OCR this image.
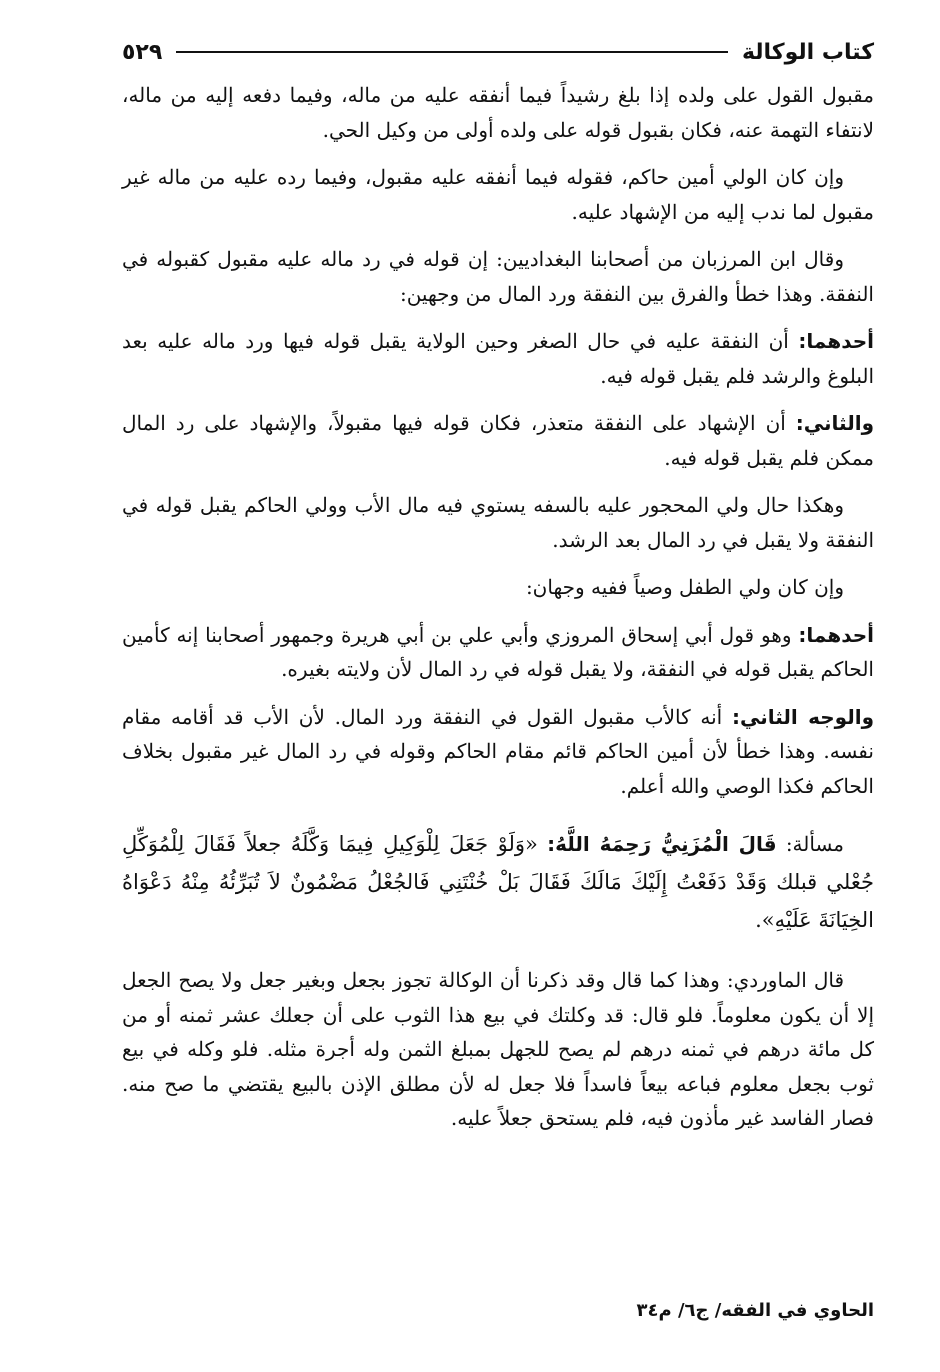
كتاب الوكالة
٥٢٩

مقبول القول على ولده إذا بلغ رشيداً فيما أنفقه عليه من ماله، وفيما دفعه إليه من ماله، لانتفاء التهمة عنه، فكان بقبول قوله على ولده أولى من وكيل الحي.

وإن كان الولي أمين حاكم، فقوله فيما أنفقه عليه مقبول، وفيما رده عليه من ماله غير مقبول لما ندب إليه من الإشهاد عليه.

وقال ابن المرزبان من أصحابنا البغداديين: إن قوله في رد ماله عليه مقبول كقبوله في النفقة. وهذا خطأ والفرق بين النفقة ورد المال من وجهين:

أحدهما: أن النفقة عليه في حال الصغر وحين الولاية يقبل قوله فيها ورد ماله عليه بعد البلوغ والرشد فلم يقبل قوله فيه.

والثاني: أن الإشهاد على النفقة متعذر، فكان قوله فيها مقبولاً، والإشهاد على رد المال ممكن فلم يقبل قوله فيه.

وهكذا حال ولي المحجور عليه بالسفه يستوي فيه مال الأب وولي الحاكم يقبل قوله في النفقة ولا يقبل في رد المال بعد الرشد.

وإن كان ولي الطفل وصياً ففيه وجهان:

أحدهما: وهو قول أبي إسحاق المروزي وأبي علي بن أبي هريرة وجمهور أصحابنا إنه كأمين الحاكم يقبل قوله في النفقة، ولا يقبل قوله في رد المال لأن ولايته بغيره.

والوجه الثاني: أنه كالأب مقبول القول في النفقة ورد المال. لأن الأب قد أقامه مقام نفسه. وهذا خطأ لأن أمين الحاكم قائم مقام الحاكم وقوله في رد المال غير مقبول بخلاف الحاكم فكذا الوصي والله أعلم.

مسألة: قَالَ الْمُزَنِيُّ رَحِمَهُ اللَّهُ: «وَلَوْ جَعَلَ لِلْوَكِيلِ فِيمَا وَكَّلَهُ جعلاً فَقَالَ لِلْمُوَكِّلِ جُعْلي قبلك وَقَدْ دَفَعْتُ إِلَيْكَ مَالَكَ فَقَالَ بَلْ خُنْتَنِي فَالجُعْلُ مَضْمُونٌ لاَ تُبَرِّئُهُ مِنْهُ دَعْوَاهُ الخِيَانَةَ عَلَيْهِ».

قال الماوردي: وهذا كما قال وقد ذكرنا أن الوكالة تجوز بجعل وبغير جعل ولا يصح الجعل إلا أن يكون معلوماً. فلو قال: قد وكلتك في بيع هذا الثوب على أن جعلك عشر ثمنه أو من كل مائة درهم في ثمنه درهم لم يصح للجهل بمبلغ الثمن وله أجرة مثله. فلو وكله في بيع ثوب بجعل معلوم فباعه بيعاً فاسداً فلا جعل له لأن مطلق الإذن بالبيع يقتضي ما صح منه. فصار الفاسد غير مأذون فيه، فلم يستحق جعلاً عليه.

الحاوي في الفقه/ ج٦/ م٣٤
